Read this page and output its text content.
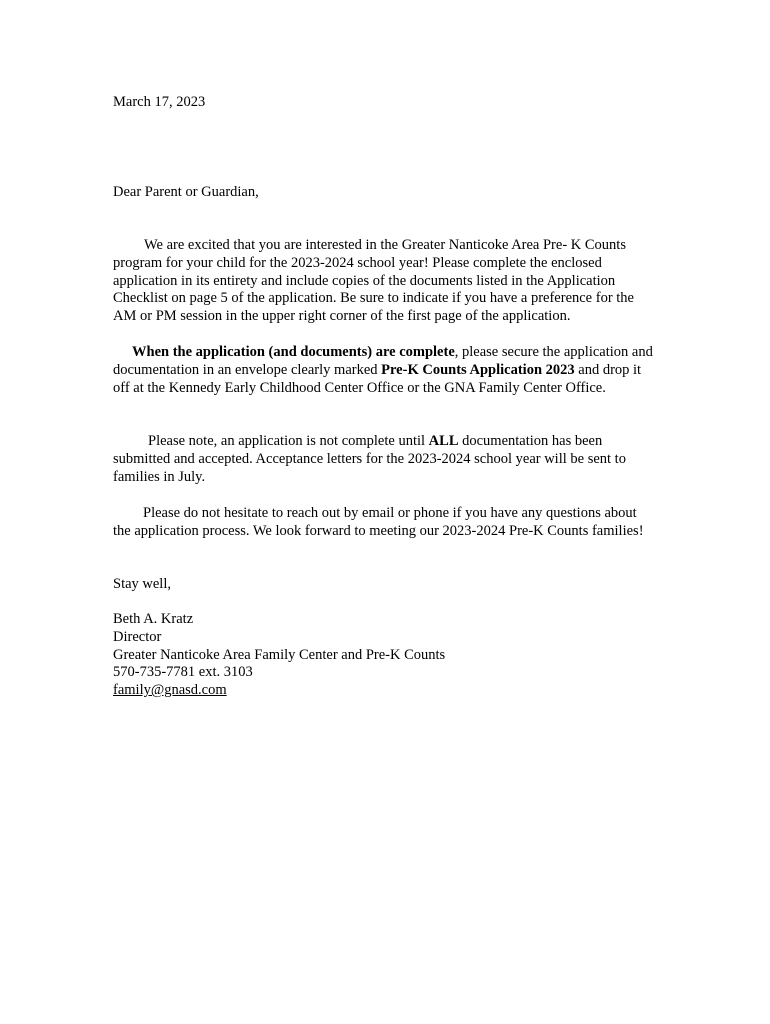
March 17, 2023

Dear Parent or Guardian,

We are excited that you are interested in the Greater Nanticoke Area Pre- K Counts program for your child for the 2023-2024 school year! Please complete the enclosed application in its entirety and include copies of the documents listed in the Application Checklist on page 5 of the application. Be sure to indicate if you have a preference for the AM or PM session in the upper right corner of the first page of the application.

When the application (and documents) are complete, please secure the application and documentation in an envelope clearly marked Pre-K Counts Application 2023 and drop it off at the Kennedy Early Childhood Center Office or the GNA Family Center Office.

Please note, an application is not complete until ALL documentation has been submitted and accepted. Acceptance letters for the 2023-2024 school year will be sent to families in July.

Please do not hesitate to reach out by email or phone if you have any questions about the application process. We look forward to meeting our 2023-2024 Pre-K Counts families!

Stay well,

Beth A. Kratz
Director
Greater Nanticoke Area Family Center and Pre-K Counts
570-735-7781 ext. 3103
family@gnasd.com
